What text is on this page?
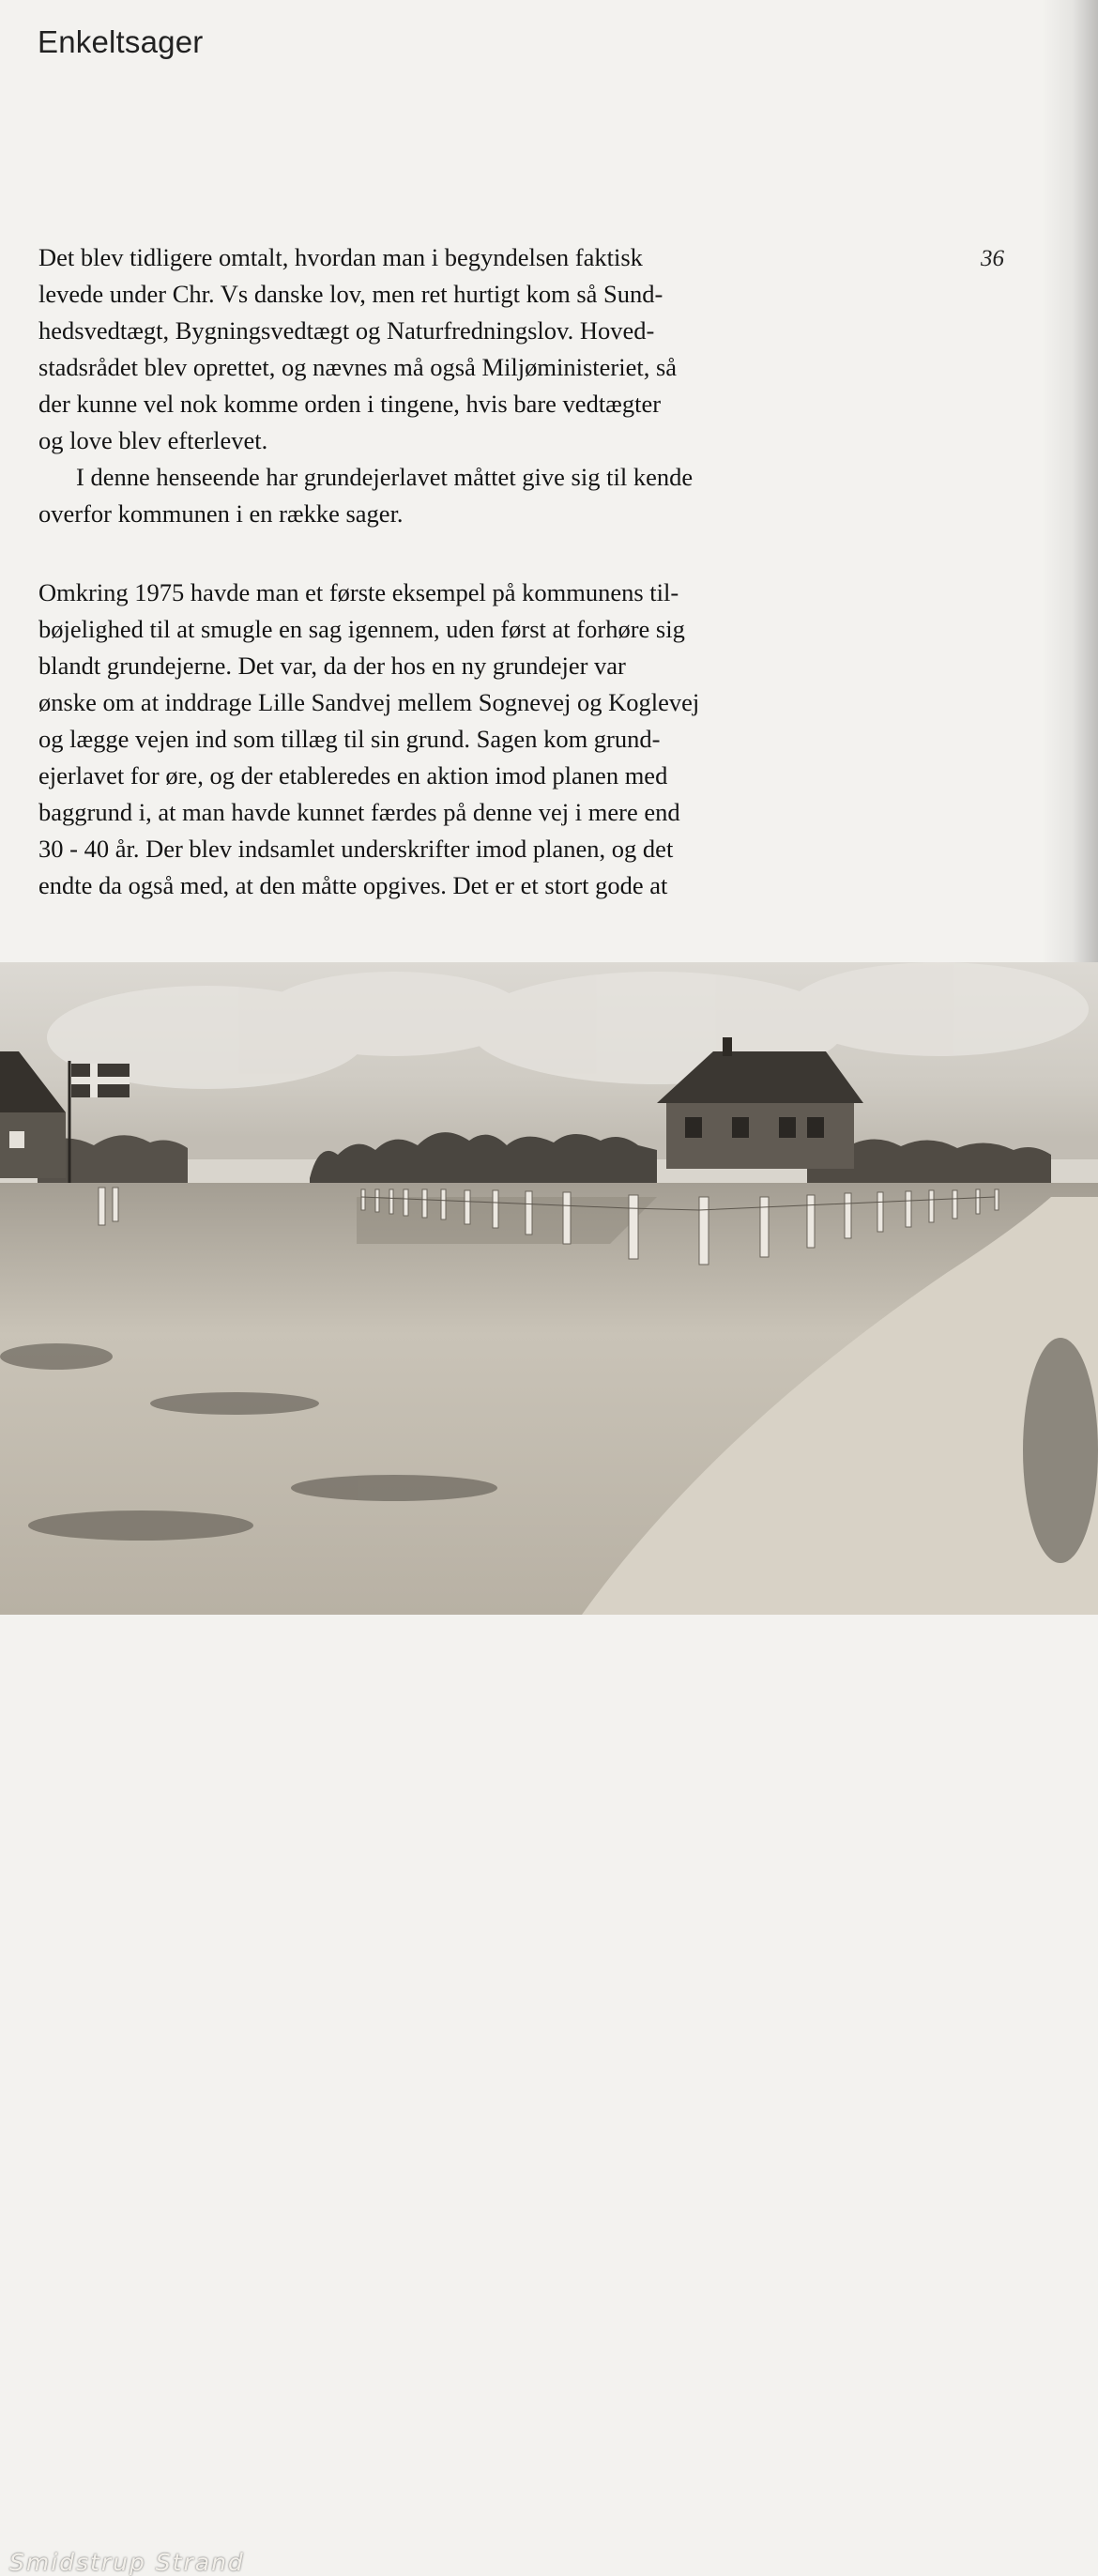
Enkeltsager
36
Det blev tidligere omtalt, hvordan man i begyndelsen faktisk
levede under Chr. Vs danske lov, men ret hurtigt kom så Sund-
hedsvedtægt, Bygningsvedtægt og Naturfredningslov. Hoved-
stadsrådet blev oprettet, og nævnes må også Miljøministeriet, så
der kunne vel nok komme orden i tingene, hvis bare vedtægter
og love blev efterlevet.
I denne henseende har grundejerlavet måttet give sig til kende
overfor kommunen i en række sager.
Omkring 1975 havde man et første eksempel på kommunens til-
bøjelighed til at smugle en sag igennem, uden først at forhøre sig
blandt grundejerne. Det var, da der hos en ny grundejer var
ønske om at inddrage Lille Sandvej mellem Sognevej og Koglevej
og lægge vejen ind som tillæg til sin grund. Sagen kom grund-
ejerlavet for øre, og der etableredes en aktion imod planen med
baggrund i, at man havde kunnet færdes på denne vej i mere end
30 - 40 år. Der blev indsamlet underskrifter imod planen, og det
endte da også med, at den måtte opgives. Det er et stort gode at
Smidstrup Strand
